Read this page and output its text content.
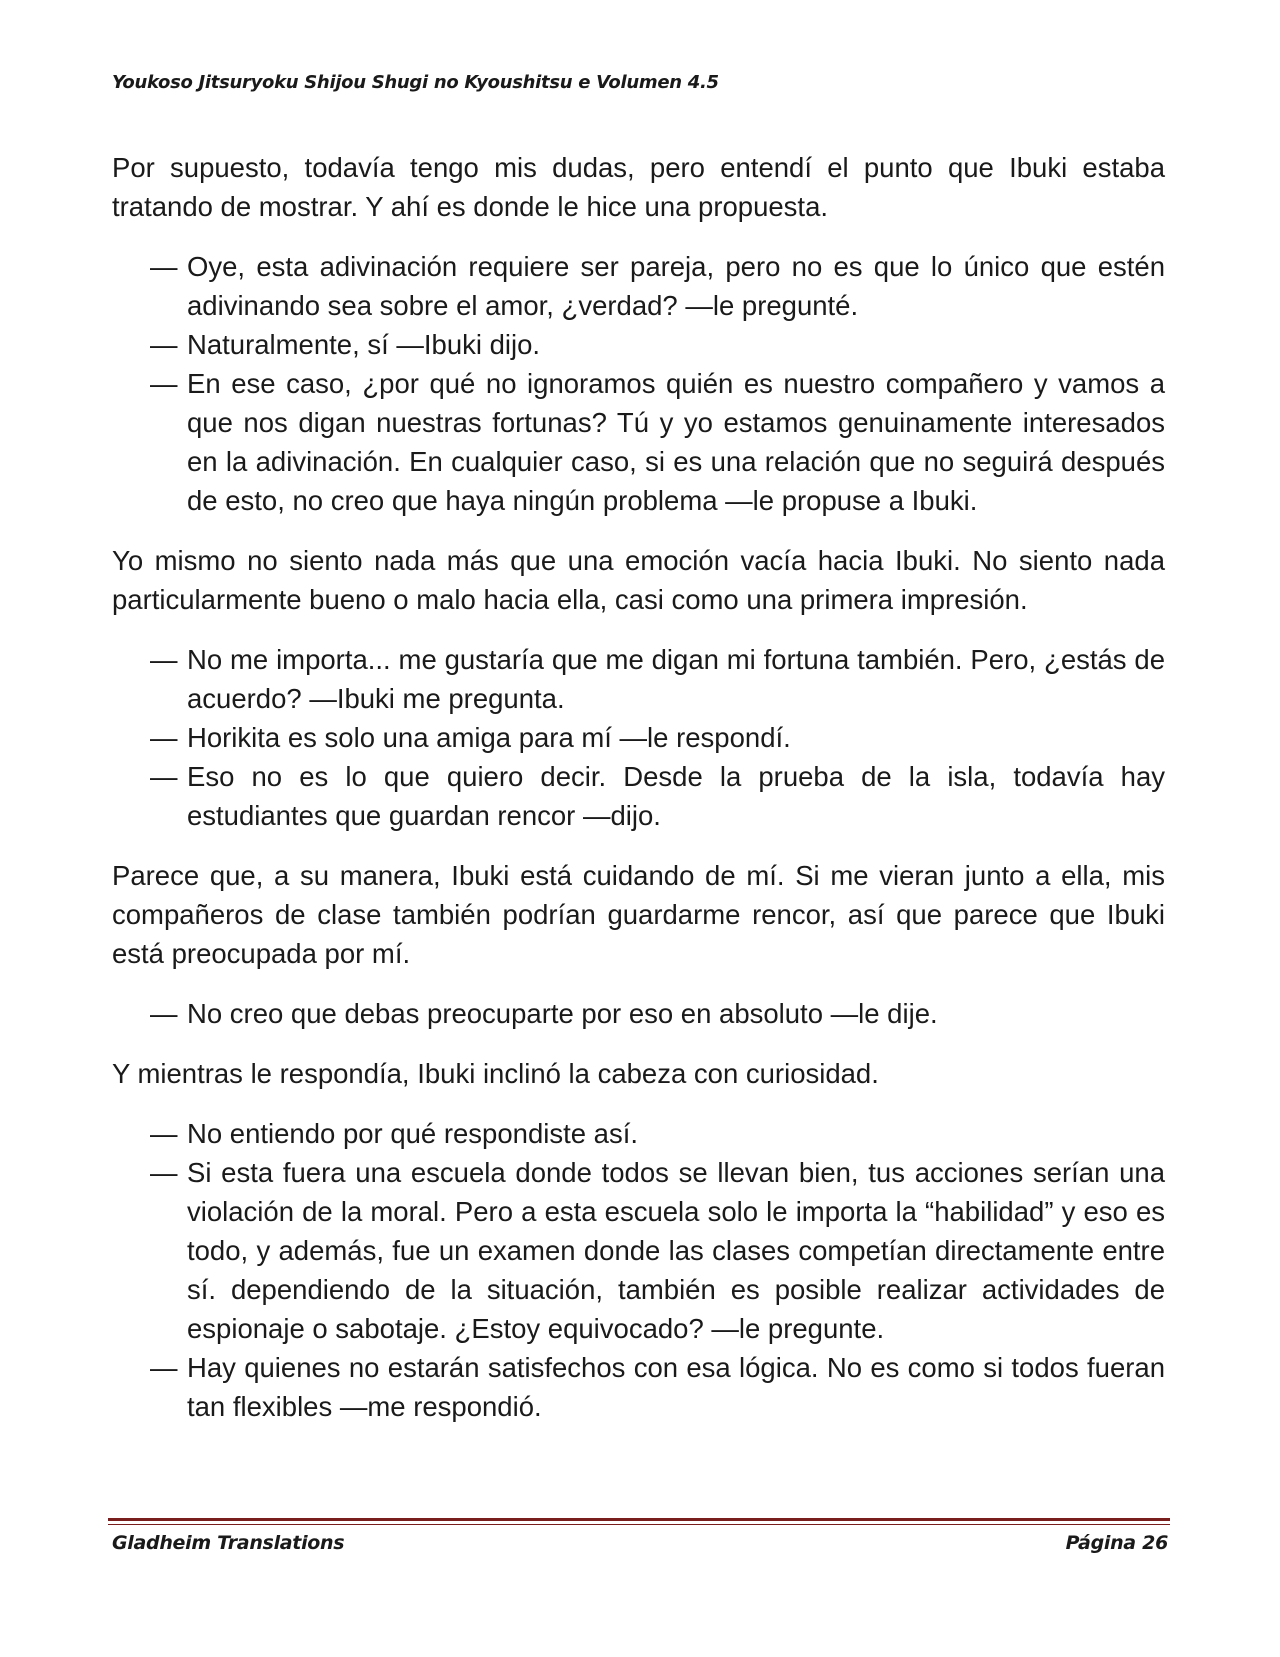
Youkoso Jitsuryoku Shijou Shugi no Kyoushitsu e Volumen 4.5

Por supuesto, todavía tengo mis dudas, pero entendí el punto que Ibuki estaba tratando de mostrar. Y ahí es donde le hice una propuesta.

— Oye, esta adivinación requiere ser pareja, pero no es que lo único que estén adivinando sea sobre el amor, ¿verdad? —le pregunté.
— Naturalmente, sí —Ibuki dijo.
— En ese caso, ¿por qué no ignoramos quién es nuestro compañero y vamos a que nos digan nuestras fortunas? Tú y yo estamos genuinamente interesados en la adivinación. En cualquier caso, si es una relación que no seguirá después de esto, no creo que haya ningún problema —le propuse a Ibuki.

Yo mismo no siento nada más que una emoción vacía hacia Ibuki. No siento nada particularmente bueno o malo hacia ella, casi como una primera impresión.

— No me importa... me gustaría que me digan mi fortuna también. Pero, ¿estás de acuerdo? —Ibuki me pregunta.
— Horikita es solo una amiga para mí —le respondí.
— Eso no es lo que quiero decir. Desde la prueba de la isla, todavía hay estudiantes que guardan rencor —dijo.

Parece que, a su manera, Ibuki está cuidando de mí. Si me vieran junto a ella, mis compañeros de clase también podrían guardarme rencor, así que parece que Ibuki está preocupada por mí.

— No creo que debas preocuparte por eso en absoluto —le dije.

Y mientras le respondía, Ibuki inclinó la cabeza con curiosidad.

— No entiendo por qué respondiste así.
— Si esta fuera una escuela donde todos se llevan bien, tus acciones serían una violación de la moral. Pero a esta escuela solo le importa la “habilidad” y eso es todo, y además, fue un examen donde las clases competían directamente entre sí. dependiendo de la situación, también es posible realizar actividades de espionaje o sabotaje. ¿Estoy equivocado? —le pregunte.
— Hay quienes no estarán satisfechos con esa lógica. No es como si todos fueran tan flexibles —me respondió.
Gladheim Translations	Página 26
